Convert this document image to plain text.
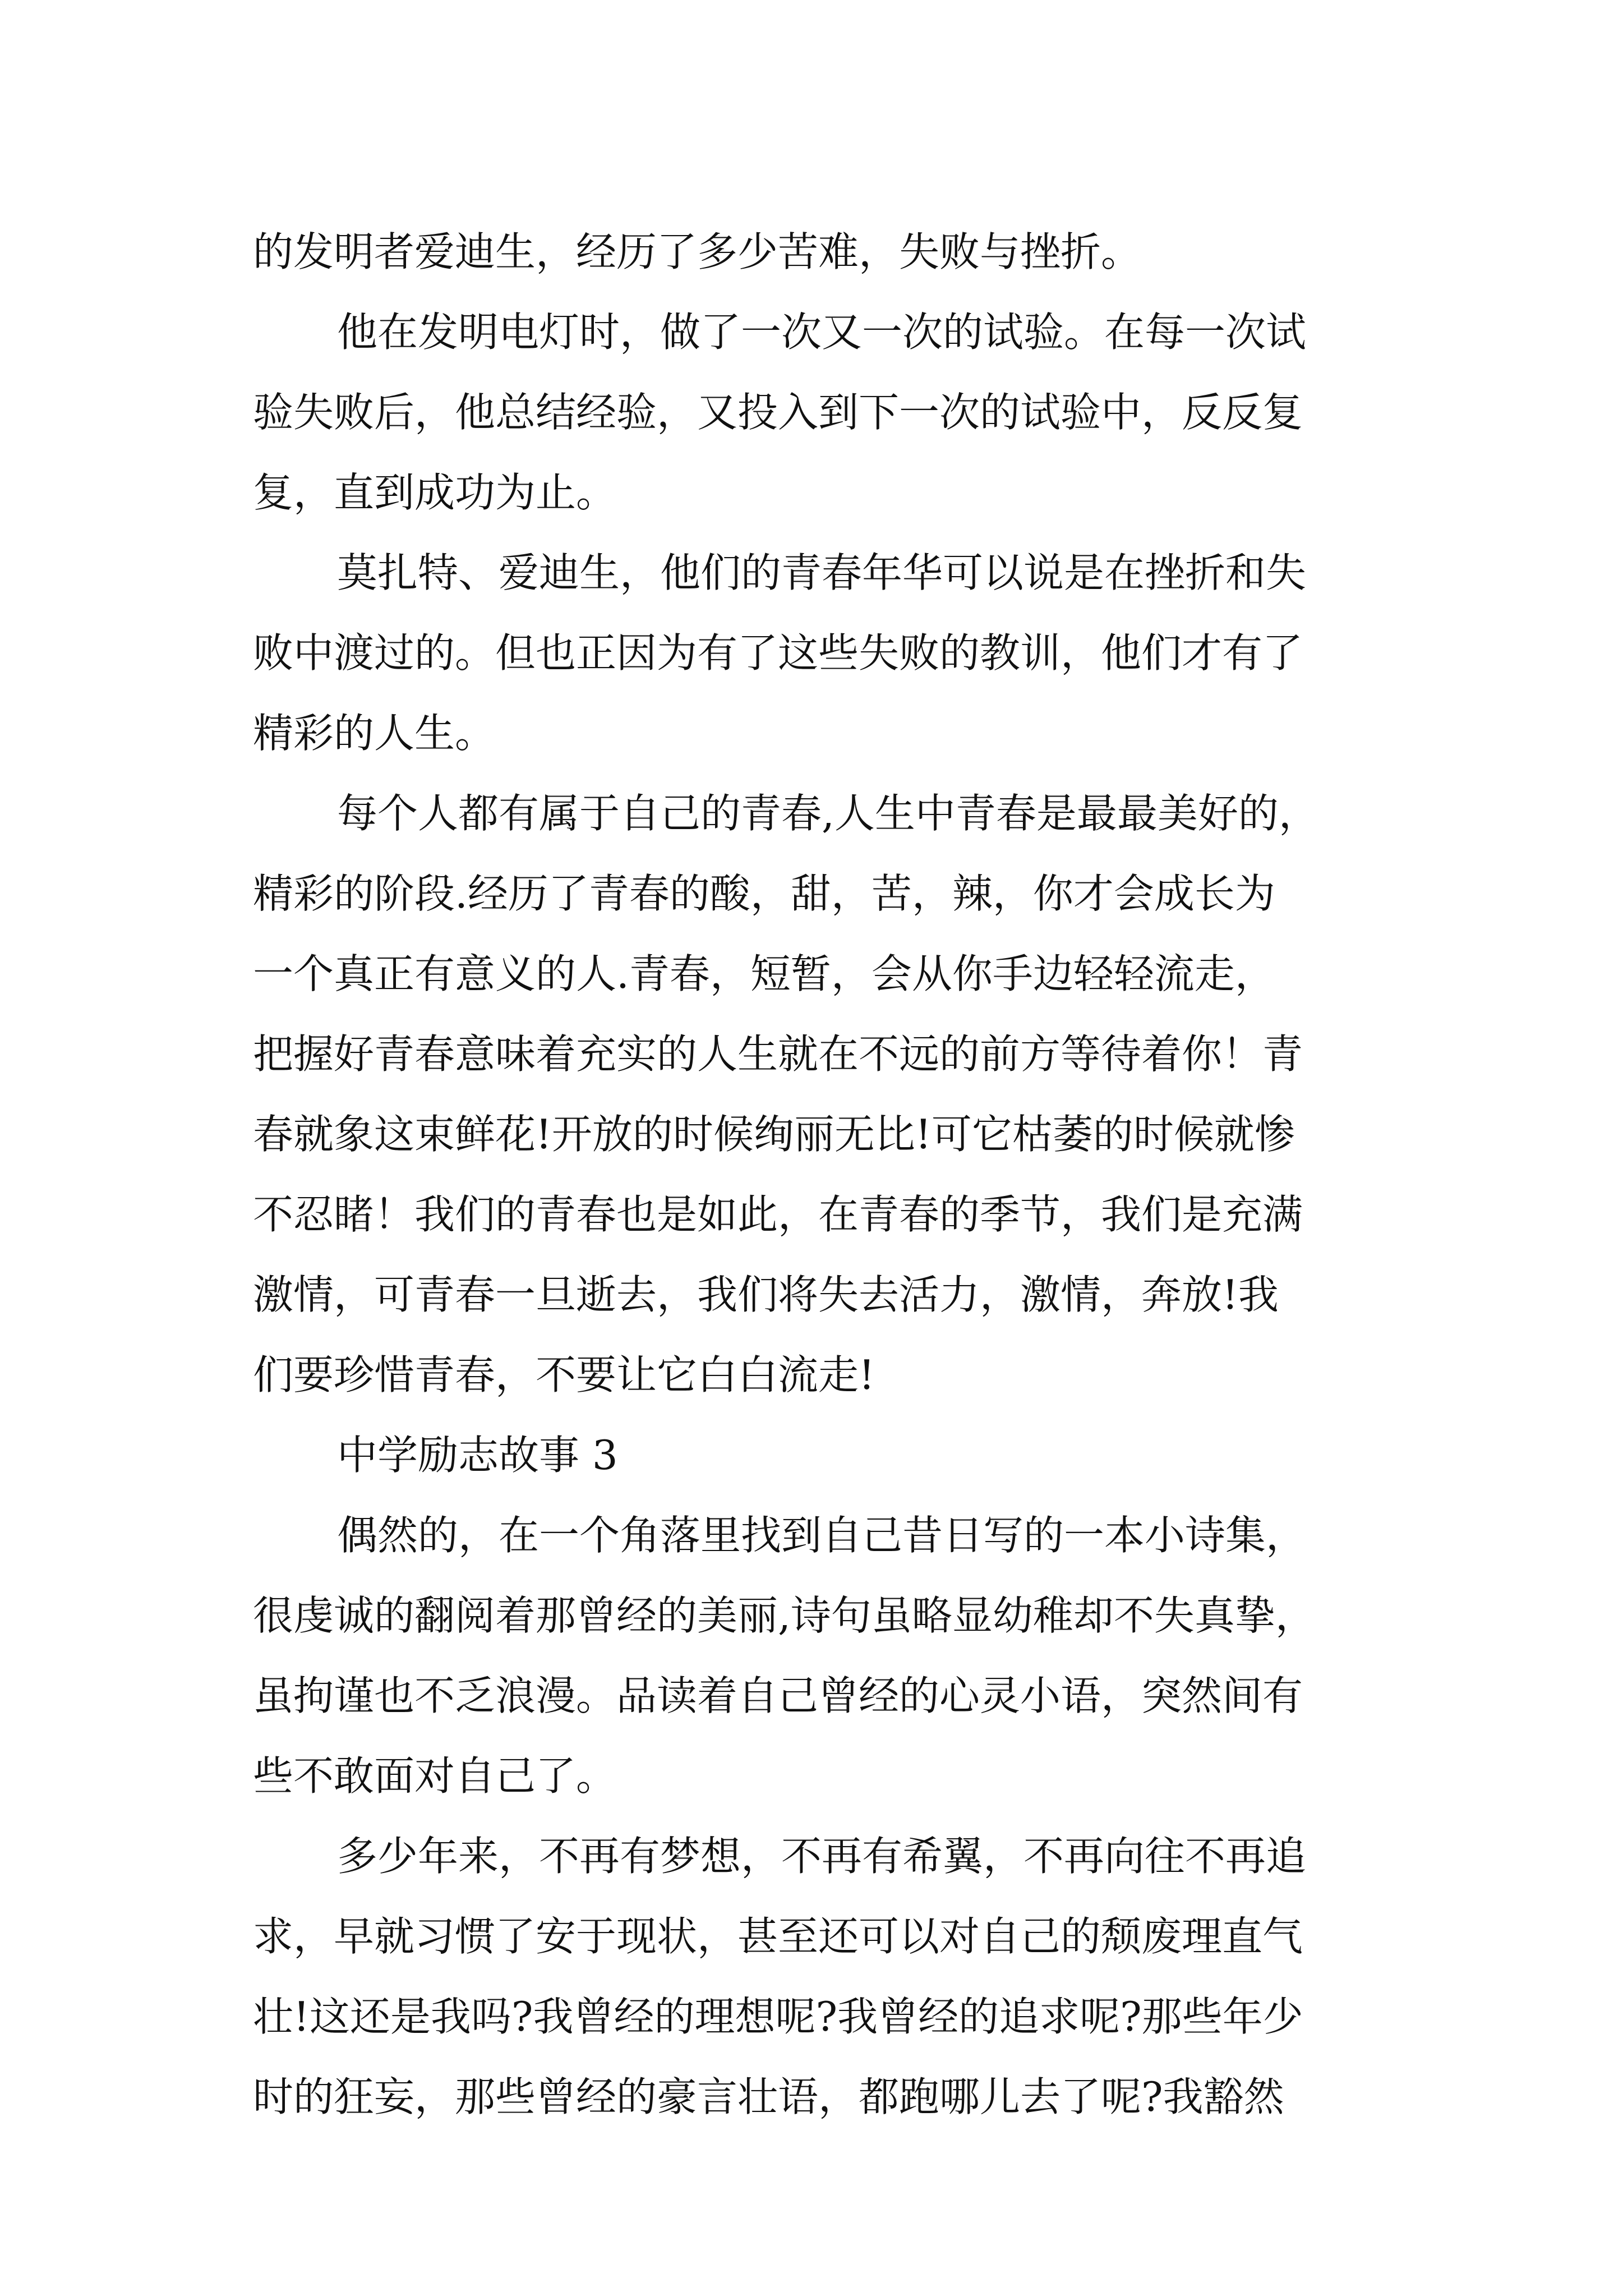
的发明者爱迪生，经历了多少苦难，失败与挫折。
他在发明电灯时，做了一次又一次的试验。在每一次试
验失败后，他总结经验，又投入到下一次的试验中，反反复
复，直到成功为止。
莫扎特、爱迪生，他们的青春年华可以说是在挫折和失
败中渡过的。但也正因为有了这些失败的教训，他们才有了
精彩的人生。
每个人都有属于自己的青春,人生中青春是最最美好的，
精彩的阶段.经历了青春的酸，甜，苦，辣，你才会成长为
一个真正有意义的人.青春，短暂，会从你手边轻轻流走，
把握好青春意味着充实的人生就在不远的前方等待着你！青
春就象这束鲜花!开放的时候绚丽无比!可它枯萎的时候就惨
不忍睹！我们的青春也是如此，在青春的季节，我们是充满
激情，可青春一旦逝去，我们将失去活力，激情，奔放!我
们要珍惜青春，不要让它白白流走!
中学励志故事 3
偶然的，在一个角落里找到自己昔日写的一本小诗集，
很虔诚的翻阅着那曾经的美丽,诗句虽略显幼稚却不失真挚，
虽拘谨也不乏浪漫。品读着自己曾经的心灵小语，突然间有
些不敢面对自己了。
多少年来，不再有梦想，不再有希翼，不再向往不再追
求，早就习惯了安于现状，甚至还可以对自己的颓废理直气
壮!这还是我吗?我曾经的理想呢?我曾经的追求呢?那些年少
时的狂妄，那些曾经的豪言壮语，都跑哪儿去了呢?我豁然
